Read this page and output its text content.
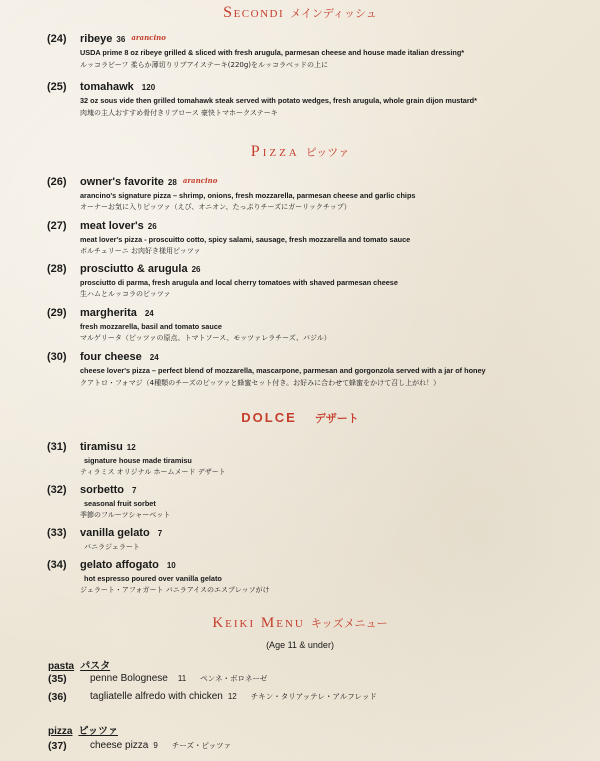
Secondi メインディッシュ
(24) ribeye 36 $^{arancino}$
USDA prime 8 oz ribeye grilled & sliced with fresh arugula, parmesan cheese and house made italian dressing*
ルッコラビーフ 柔らか薄切りリブアイステーキ(220g)をルッコラベッドの上に
(25) tomahawk 120
32 oz sous vide then grilled tomahawk steak served with potato wedges, fresh arugula, whole grain dijon mustard*
肉塊の主人おすすめ骨付きリブロース 豪快トマホークステーキ
Pizza ピッツァ
(26) owner's favorite 28 $^{arancino}$
arancino's signature pizza – shrimp, onions, fresh mozzarella, parmesan cheese and garlic chips
オーナーお気に入りピッツァ（えび、オニオン、たっぷりチーズにガーリックチップ）
(27) meat lover's 26
meat lover's pizza - proscuitto cotto, spicy salami, sausage, fresh mozzarella and tomato sauce
ボルチェリーニ お肉好き様用ピッツァ
(28) prosciutto & arugula 26
prosciutto di parma, fresh arugula and local cherry tomatoes with shaved parmesan cheese
生ハムとルッコラのピッツァ
(29) margherita 24
fresh mozzarella, basil and tomato sauce
マルゲリータ（ピッツァの原点、トマトソース、モッツァレラチーズ、バジル）
(30) four cheese 24
cheese lover's pizza – perfect blend of mozzarella, mascarpone, parmesan and gorgonzola served with a jar of honey
クアトロ・フォマジ（4種類のチーズのピッツァと蜂蜜セット付き。お好みに合わせて蜂蜜をかけて召し上がれ！）
DOLCE デザート
(31) tiramisu 12
signature house made tiramisu
ティラミス オリジナル ホームメード デザート
(32) sorbetto 7
seasonal fruit sorbet
季節のフルーツシャーベット
(33) vanilla gelato 7
バニラジェラート
(34) gelato affogato 10
hot espresso poured over vanilla gelato
ジェラート・アフォガート バニラアイスのエスプレッソがけ
Keiki Menu キッズメニュー
(Age 11 & under)
pasta パスタ
(35) penne Bolognese 11 ペンネ・ボロネーゼ
(36) tagliatelle alfredo with chicken 12 チキン・タリアッテレ・アルフレッド
pizza ピッツァ
(37) cheese pizza 9 チーズ・ピッツァ
